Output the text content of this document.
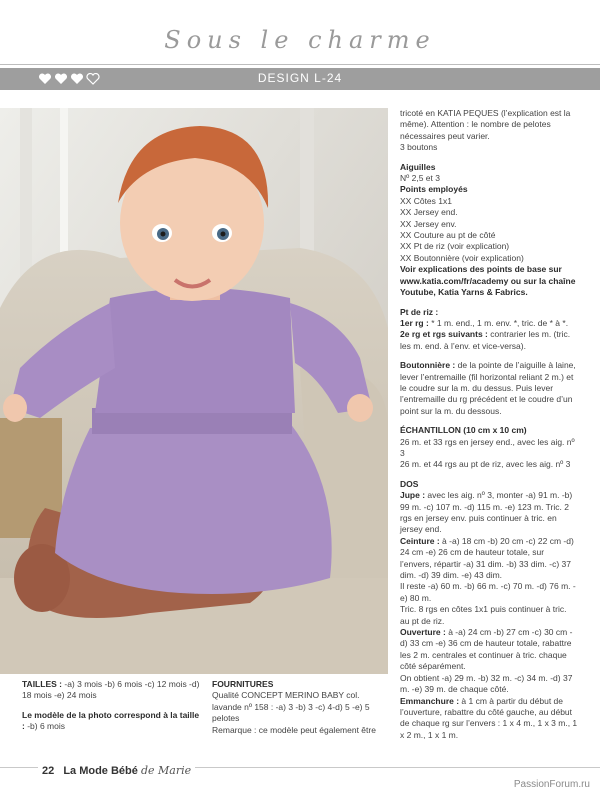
Sous le charme
DESIGN L-24

TAILLES : -a) 3 mois -b) 6 mois -c) 12 mois -d) 18 mois -e) 24 mois

Le modèle de la photo correspond à la taille : -b) 6 mois

FOURNITURES

Qualité CONCEPT MERINO BABY col. lavande nº 158 : -a) 3 -b) 3 -c) 4-d) 5 -e) 5 pelotes

Remarque : ce modèle peut également être

tricoté en KATIA PEQUES (l’explication est la même). Attention : le nombre de pelotes nécessaires peut varier.

3 boutons

Aiguilles

Nº 2,5 et 3

Points employés

XX Côtes 1x1

XX Jersey end.

XX Jersey env.

XX Couture au pt de côté

XX Pt de riz (voir explication)

XX Boutonnière (voir explication)

Voir explications des points de base sur www.katia.com/fr/academy ou sur la chaîne Youtube, Katia Yarns & Fabrics.

Pt de riz :

1er rg : * 1 m. end., 1 m. env. *, tric. de * à *.

2e rg et rgs suivants : contrarier les m. (tric. les m. end. à l’env. et vice-versa).

Boutonnière : de la pointe de l’aiguille à laine, lever l’entremaille (fil horizontal reliant 2 m.) et le coudre sur la m. du dessus. Puis lever l’entremaille du rg précédent et le coudre d’un point sur la m. du dessous.

ÉCHANTILLON (10 cm x 10 cm)

26 m. et 33 rgs en jersey end., avec les aig. nº 3

26 m. et 44 rgs au pt de riz, avec les aig. nº 3

DOS

Jupe : avec les aig. nº 3, monter -a) 91 m. -b) 99 m. -c) 107 m. -d) 115 m. -e) 123 m. Tric. 2 rgs en jersey env. puis continuer à tric. en jersey end.

Ceinture : à -a) 18 cm -b) 20 cm -c) 22 cm -d) 24 cm -e) 26 cm de hauteur totale, sur l’envers, répartir -a) 31 dim. -b) 33 dim. -c) 37 dim. -d) 39 dim. -e) 43 dim.

Il reste -a) 60 m. -b) 66 m. -c) 70 m. -d) 76 m. -e) 80 m.

Tric. 8 rgs en côtes 1x1 puis continuer à tric. au pt de riz.

Ouverture : à -a) 24 cm -b) 27 cm -c) 30 cm -d) 33 cm -e) 36 cm de hauteur totale, rabattre les 2 m. centrales et continuer à tric. chaque côté séparément.

On obtient -a) 29 m. -b) 32 m. -c) 34 m. -d) 37 m. -e) 39 m. de chaque côté.

Emmanchure : à 1 cm à partir du début de l’ouverture, rabattre du côté gauche, au début de chaque rg sur l’envers : 1 x 4 m., 1 x 3 m., 1 x 2 m., 1 x 1 m.

22 La Mode Bébé de Marie
PassionForum.ru
